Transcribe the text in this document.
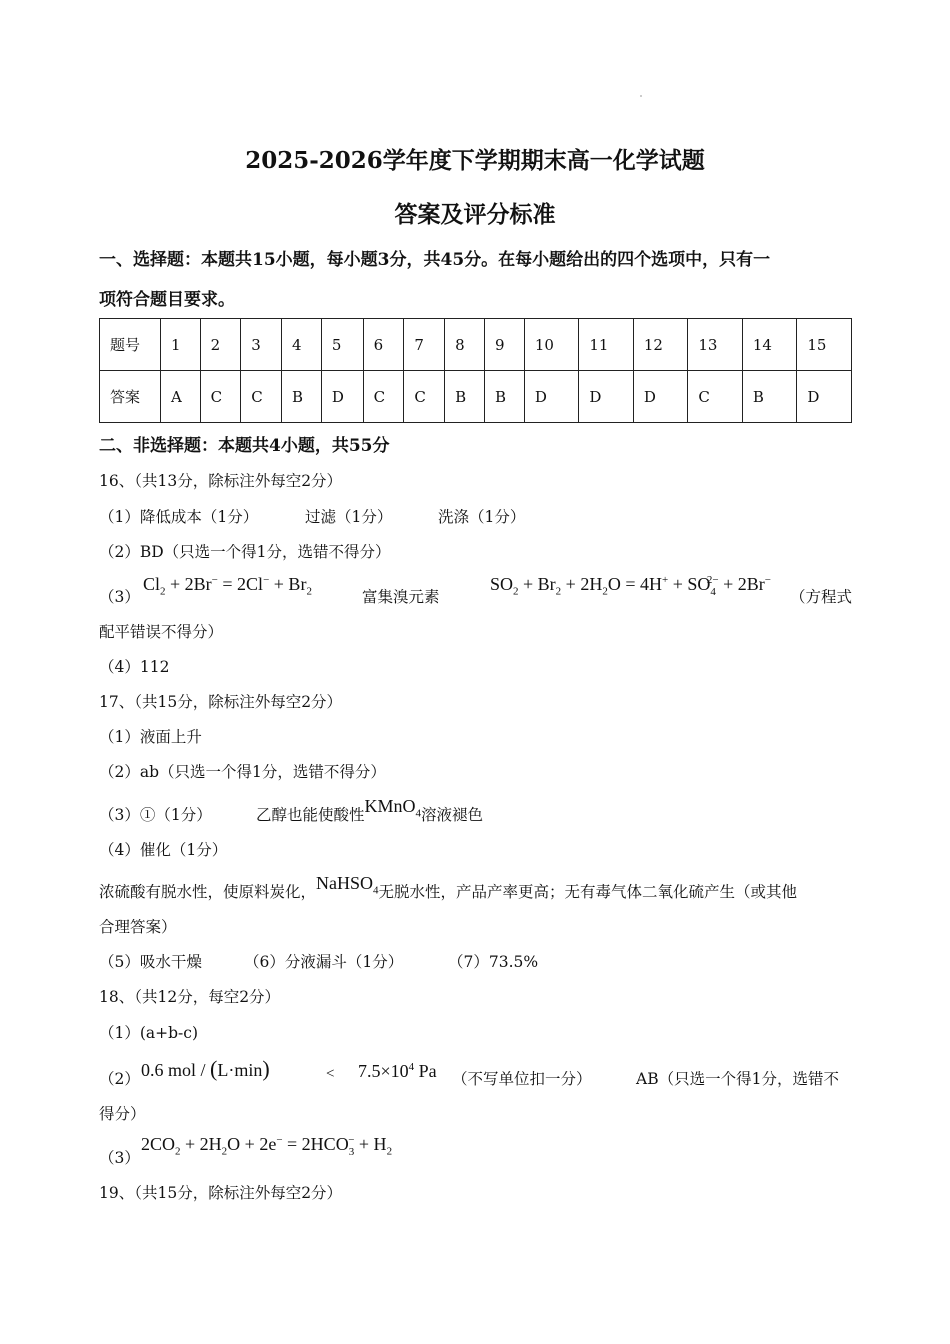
2025-2026学年度下学期期末高一化学试题
答案及评分标准
一、选择题：本题共15小题，每小题3分，共45分。在每小题给出的四个选项中，只有一
项符合题目要求。
题号	1	2	3	4	5	6	7	8	9	10	11	12	13	14	15
答案	A	C	C	B	D	C	C	B	B	D	D	D	C	B	D
二、非选择题：本题共4小题，共55分
16、（共13分，除标注外每空2分）
（1）降低成本（1分）	过滤（1分）	洗涤（1分）
（2）BD（只选一个得1分，选错不得分）
（3）
$Cl_2 + 2Br^- = 2Cl^- + Br_2$	富集溴元素
$SO_2 + Br_2 + 2H_2O = 4H^+ + SO_4^{2-} + 2Br^-$
（方程式
配平错误不得分）
（4）112
17、（共15分，除标注外每空2分）
（1）液面上升
（2）ab（只选一个得1分，选错不得分）
（3）①（1分）	乙醇也能使酸性KMnO$_4$溶液褪色
（4）催化（1分）
浓硫酸有脱水性，使原料炭化，NaHSO$_4$无脱水性，产品产率更高；无有毒气体二氧化硫产生（或其他
合理答案）
（5）吸水干燥	（6）分液漏斗（1分）	（7）73.5%
18、（共12分，每空2分）
（1）(a+b-c)
（2） 0.6 mol / (L·min)	< $7.5\times 10^4$ Pa （不写单位扣一分）	AB（只选一个得1分，选错不
得分）
（3）
$2CO_2 + 2H_2O + 2e^- = 2HCO_3^- + H_2$
19、（共15分，除标注外每空2分）
